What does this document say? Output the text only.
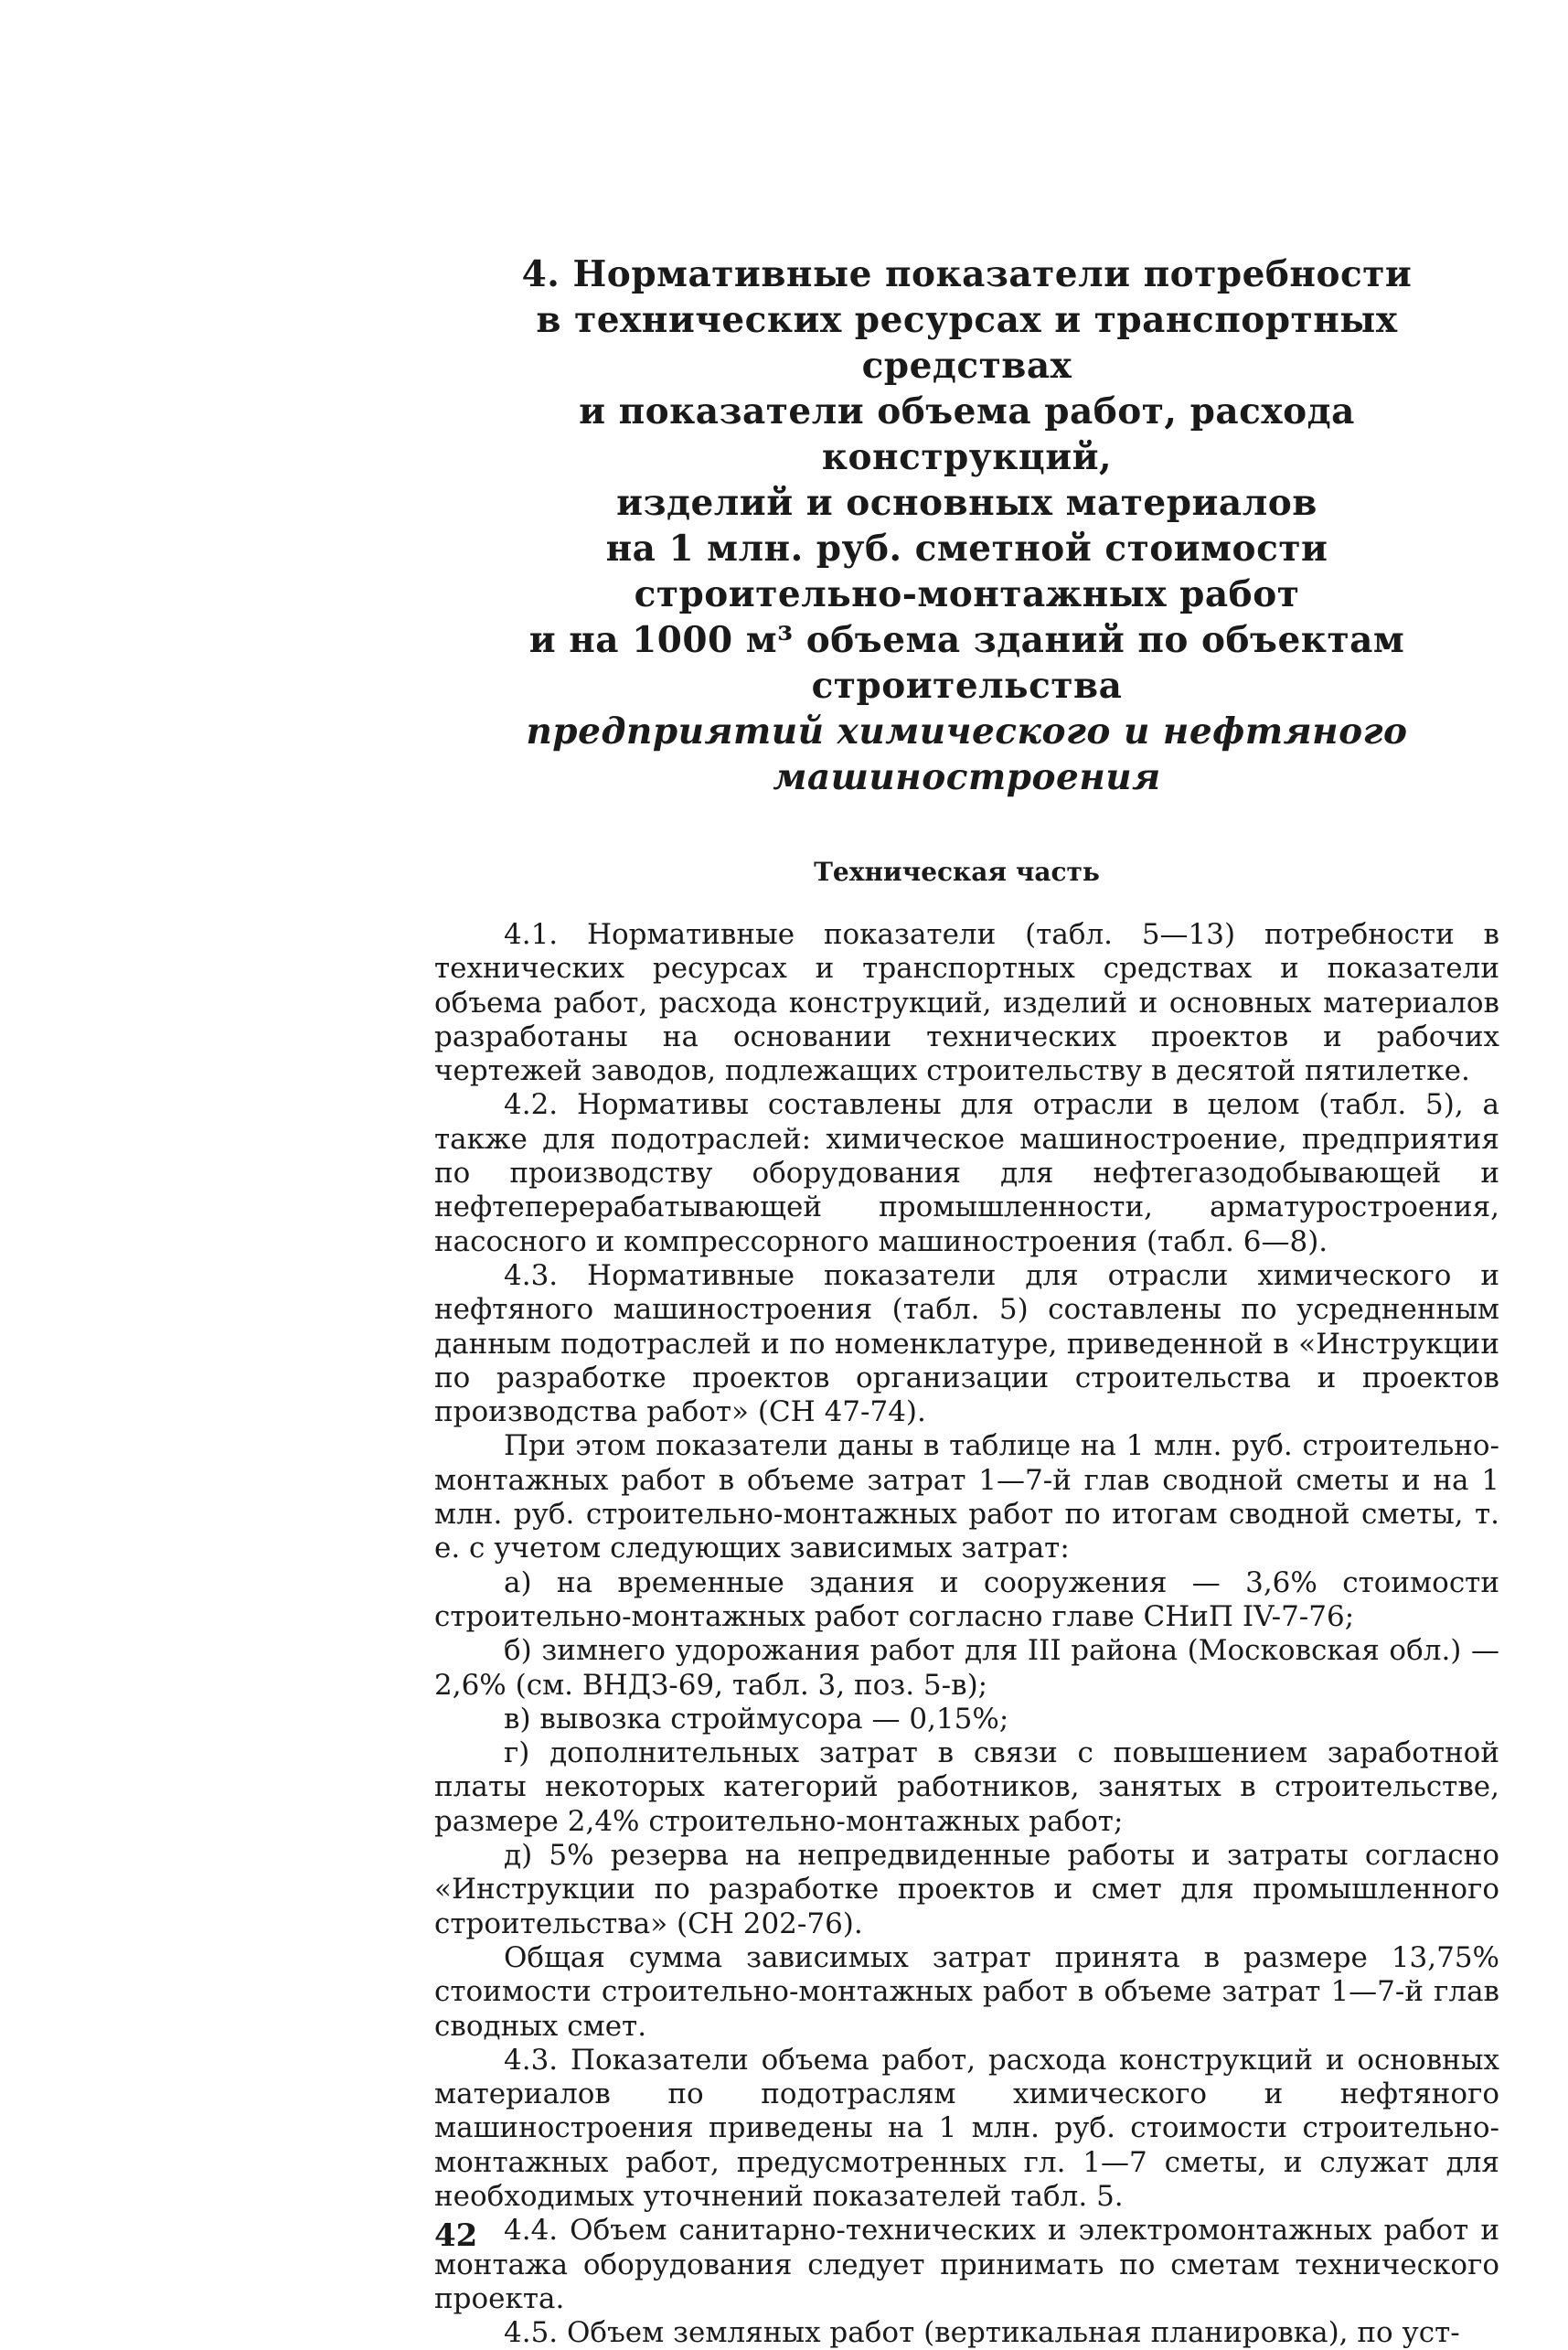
4. Нормативные показатели потребности
в технических ресурсах и транспортных средствах
и показатели объема работ, расхода конструкций,
изделий и основных материалов
на 1 млн. руб. сметной стоимости
строительно-монтажных работ
и на 1000 м³ объема зданий по объектам строительства
предприятий химического и нефтяного машиностроения
Техническая часть

4.1. Нормативные показатели (табл. 5—13) потребности в технических ресурсах и транспортных средствах и показатели объема работ, расхода конструкций, изделий и основных материалов разработаны на основании технических проектов и рабочих чертежей заводов, подлежащих строительству в десятой пятилетке.

4.2. Нормативы составлены для отрасли в целом (табл. 5), а также для подотраслей: химическое машиностроение, предприятия по производству оборудования для нефтегазодобывающей и нефтеперерабатывающей промышленности, арматуростроения, насосного и компрессорного машиностроения (табл. 6—8).

4.3. Нормативные показатели для отрасли химического и нефтяного машиностроения (табл. 5) составлены по усредненным данным подотраслей и по номенклатуре, приведенной в «Инструкции по разработке проектов организации строительства и проектов производства работ» (СН 47-74).

При этом показатели даны в таблице на 1 млн. руб. строительно-монтажных работ в объеме затрат 1—7-й глав сводной сметы и на 1 млн. руб. строительно-монтажных работ по итогам сводной сметы, т. е. с учетом следующих зависимых затрат:

а) на временные здания и сооружения — 3,6% стоимости строительно-монтажных работ согласно главе СНиП IV-7-76;

б) зимнего удорожания работ для III района (Московская обл.) — 2,6% (см. ВНДЗ-69, табл. 3, поз. 5-в);

в) вывозка строймусора — 0,15%;

г) дополнительных затрат в связи с повышением заработной платы некоторых категорий работников, занятых в строительстве, размере 2,4% строительно-монтажных работ;

д) 5% резерва на непредвиденные работы и затраты согласно «Инструкции по разработке проектов и смет для промышленного строительства» (СН 202-76).

Общая сумма зависимых затрат принята в размере 13,75% стоимости строительно-монтажных работ в объеме затрат 1—7-й глав сводных смет.

4.3. Показатели объема работ, расхода конструкций и основных материалов по подотраслям химического и нефтяного машиностроения приведены на 1 млн. руб. стоимости строительно-монтажных работ, предусмотренных гл. 1—7 сметы, и служат для необходимых уточнений показателей табл. 5.

4.4. Объем санитарно-технических и электромонтажных работ и монтажа оборудования следует принимать по сметам технического проекта.

4.5. Объем земляных работ (вертикальная планировка), по уст-

42
